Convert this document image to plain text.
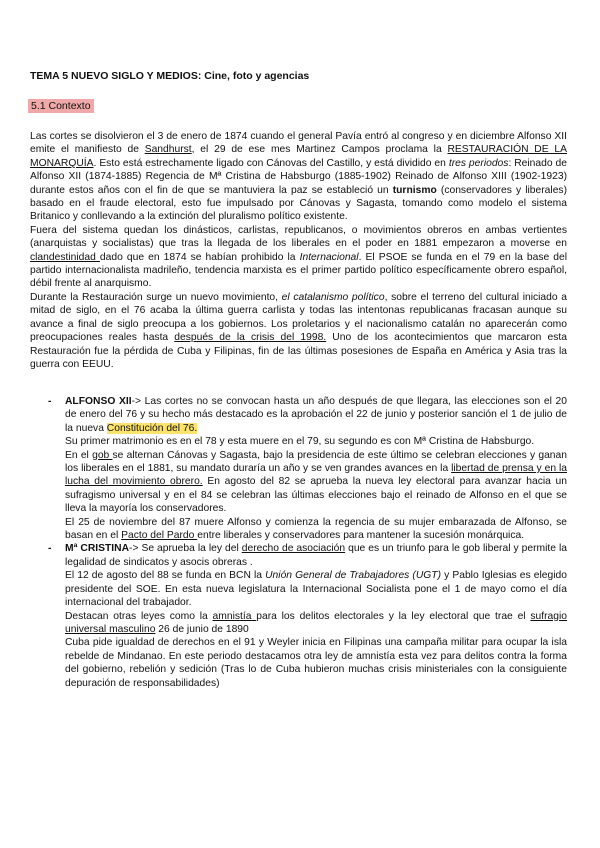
TEMA 5 NUEVO SIGLO Y MEDIOS: Cine, foto y agencias
5.1 Contexto

Las cortes se disolvieron el 3 de enero de 1874 cuando el general Pavía entró al congreso y en diciembre Alfonso XII emite el manifiesto de Sandhurst, el 29 de ese mes Martinez Campos proclama la RESTAURACIÓN DE LA MONARQUÍA. Esto está estrechamente ligado con Cánovas del Castillo, y está dividido en tres periodos: Reinado de Alfonso XII (1874-1885) Regencia de Mª Cristina de Habsburgo (1885-1902) Reinado de Alfonso XIII (1902-1923) durante estos años con el fin de que se mantuviera la paz se estableció un turnismo (conservadores y liberales) basado en el fraude electoral, esto fue impulsado por Cánovas y Sagasta, tomando como modelo el sistema Britanico y conllevando a la extinción del pluralismo político existente.

Fuera del sistema quedan los dinásticos, carlistas, republicanos, o movimientos obreros en ambas vertientes (anarquistas y socialistas) que tras la llegada de los liberales en el poder en 1881 empezaron a moverse en clandestinidad dado que en 1874 se habían prohibido la Internacional. El PSOE se funda en el 79 en la base del partido internacionalista madrileño, tendencia marxista es el primer partido político específicamente obrero español, débil frente al anarquismo.

Durante la Restauración surge un nuevo movimiento, el catalanismo político, sobre el terreno del cultural iniciado a mitad de siglo, en el 76 acaba la última guerra carlista y todas las intentonas republicanas fracasan aunque su avance a final de siglo preocupa a los gobiernos. Los proletarios y el nacionalismo catalán no aparecerán como preocupaciones reales hasta después de la crisis del 1998. Uno de los acontecimientos que marcaron esta Restauración fue la pérdida de Cuba y Filipinas, fin de las últimas posesiones de España en América y Asia tras la guerra con EEUU.

- ALFONSO XII-> Las cortes no se convocan hasta un año después de que llegara, las elecciones son el 20 de enero del 76 y su hecho más destacado es la aprobación el 22 de junio y posterior sanción el 1 de julio de la nueva Constitución del 76.

Su primer matrimonio es en el 78 y esta muere en el 79, su segundo es con Mª Cristina de Habsburgo.

En el gob se alternan Cánovas y Sagasta, bajo la presidencia de este último se celebran elecciones y ganan los liberales en el 1881, su mandato duraría un año y se ven grandes avances en la libertad de prensa y en la lucha del movimiento obrero. En agosto del 82 se aprueba la nueva ley electoral para avanzar hacia un sufragismo universal y en el 84 se celebran las últimas elecciones bajo el reinado de Alfonso en el que se lleva la mayoría los conservadores.

El 25 de noviembre del 87 muere Alfonso y comienza la regencia de su mujer embarazada de Alfonso, se basan en el Pacto del Pardo entre liberales y conservadores para mantener la sucesión monárquica.

- Mª CRISTINA-> Se aprueba la ley del derecho de asociación que es un triunfo para le gob liberal y permite la legalidad de sindicatos y asocis obreras .

El 12 de agosto del 88 se funda en BCN la Unión General de Trabajadores (UGT) y Pablo Iglesias es elegido presidente del SOE. En esta nueva legislatura la Internacional Socialista pone el 1 de mayo como el día internacional del trabajador.

Destacan otras leyes como la amnistía para los delitos electorales y la ley electoral que trae el sufragio universal masculino 26 de junio de 1890

Cuba pide igualdad de derechos en el 91 y Weyler inicia en Filipinas una campaña militar para ocupar la isla rebelde de Mindanao. En este periodo destacamos otra ley de amnistía esta vez para delitos contra la forma del gobierno, rebelión y sedición (Tras lo de Cuba hubieron muchas crisis ministeriales con la consiguiente depuración de responsabilidades)
